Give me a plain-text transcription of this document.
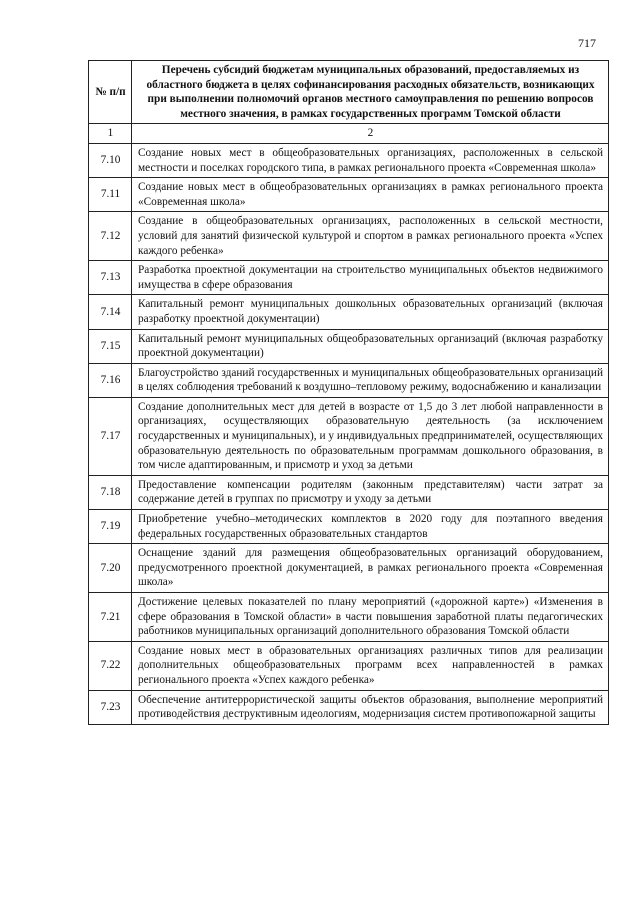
717
№ п/п	Перечень субсидий бюджетам муниципальных образований, предоставляемых из областного бюджета в целях софинансирования расходных обязательств, возникающих при выполнении полномочий органов местного самоуправления по решению вопросов местного значения, в рамках государственных программ Томской области
1	2
7.10	Создание новых мест в общеобразовательных организациях, расположенных в сельской местности и поселках городского типа, в рамках регионального проекта «Современная школа»
7.11	Создание новых мест в общеобразовательных организациях в рамках регионального проекта «Современная школа»
7.12	Создание в общеобразовательных организациях, расположенных в сельской местности, условий для занятий физической культурой и спортом в рамках регионального проекта «Успех каждого ребенка»
7.13	Разработка проектной документации на строительство муниципальных объектов недвижимого имущества в сфере образования
7.14	Капитальный ремонт муниципальных дошкольных образовательных организаций (включая разработку проектной документации)
7.15	Капитальный ремонт муниципальных общеобразовательных организаций (включая разработку проектной документации)
7.16	Благоустройство зданий государственных и муниципальных общеобразовательных организаций в целях соблюдения требований к воздушно–тепловому режиму, водоснабжению и канализации
7.17	Создание дополнительных мест для детей в возрасте от 1,5 до 3 лет любой направленности в организациях, осуществляющих образовательную деятельность (за исключением государственных и муниципальных), и у индивидуальных предпринимателей, осуществляющих образовательную деятельность по образовательным программам дошкольного образования, в том числе адаптированным, и присмотр и уход за детьми
7.18	Предоставление компенсации родителям (законным представителям) части затрат за содержание детей в группах по присмотру и уходу за детьми
7.19	Приобретение учебно–методических комплектов в 2020 году для поэтапного введения федеральных государственных образовательных стандартов
7.20	Оснащение зданий для размещения общеобразовательных организаций оборудованием, предусмотренного проектной документацией, в рамках регионального проекта «Современная школа»
7.21	Достижение целевых показателей по плану мероприятий («дорожной карте») «Изменения в сфере образования в Томской области» в части повышения заработной платы педагогических работников муниципальных организаций дополнительного образования Томской области
7.22	Создание новых мест в образовательных организациях различных типов для реализации дополнительных общеобразовательных программ всех направленностей в рамках регионального проекта «Успех каждого ребенка»
7.23	Обеспечение антитеррористической защиты объектов образования, выполнение мероприятий противодействия деструктивным идеологиям, модернизация систем противопожарной защиты
